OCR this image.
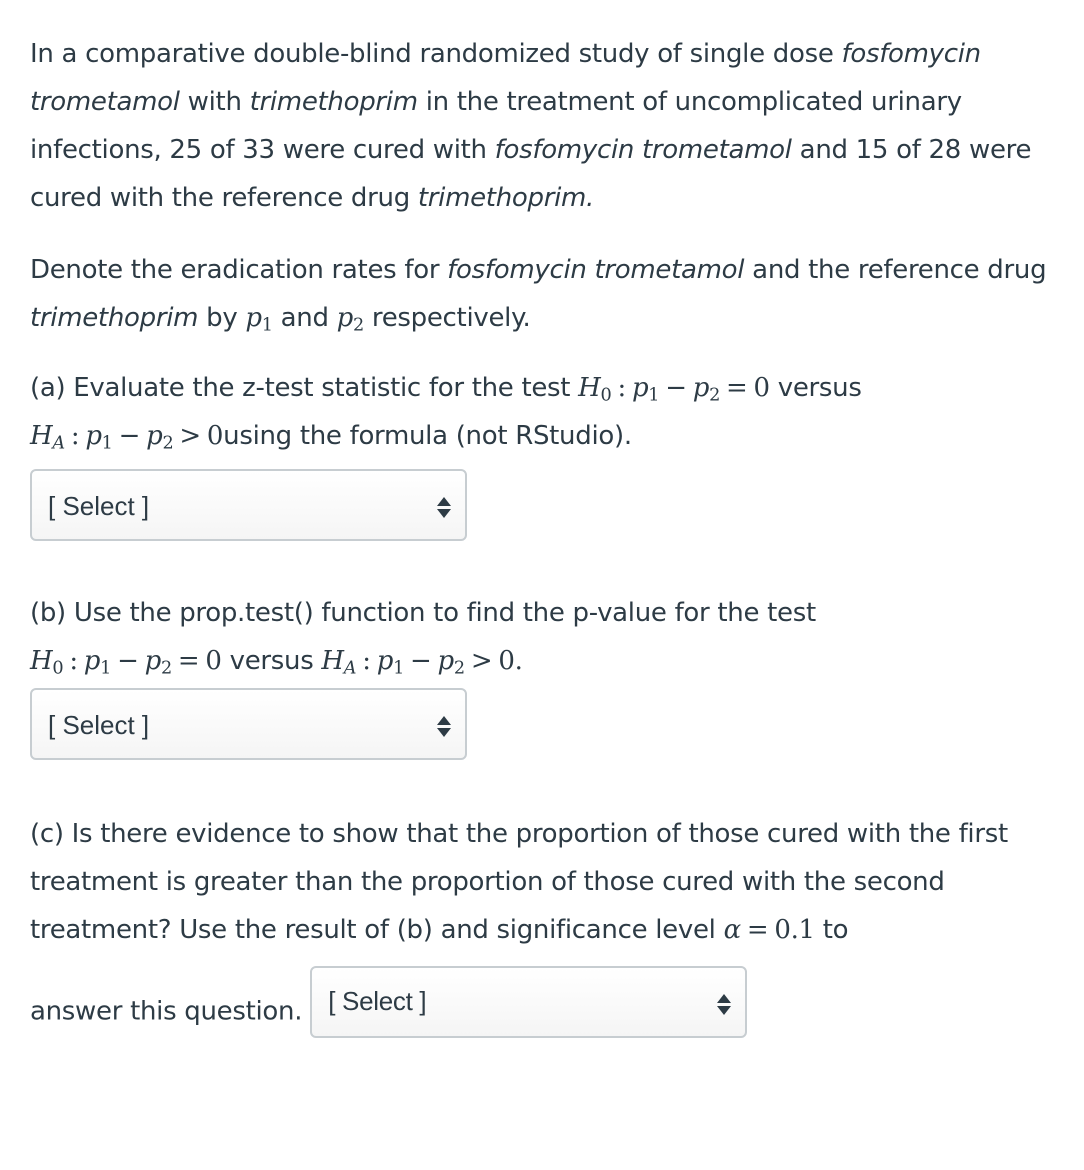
In a comparative double-blind randomized study of single dose fosfomycin trometamol with trimethoprim in the treatment of uncomplicated urinary infections, 25 of 33 were cured with fosfomycin trometamol and 15 of 28 were cured with the reference drug trimethoprim.

Denote the eradication rates for fosfomycin trometamol and the reference drug trimethoprim by $p_1$ and $p_2$ respectively.

(a) Evaluate the z-test statistic for the test $H_0$ : $p_1 - p_2 = 0$ versus
$H_A$ : $p_1 - p_2 > 0using$ the formula (not RStudio).

[ Select ]

(b) Use the prop.test() function to find the p-value for the test
$H_0$ : $p_1 - p_2 = 0$ versus $H_A$ : $p_1 - p_2 > 0$.

[ Select ]

(c) Is there evidence to show that the proportion of those cured with the first treatment is greater than the proportion of those cured with the second treatment? Use the result of (b) and significance level α = 0.1 to

answer this question. [ Select ]
